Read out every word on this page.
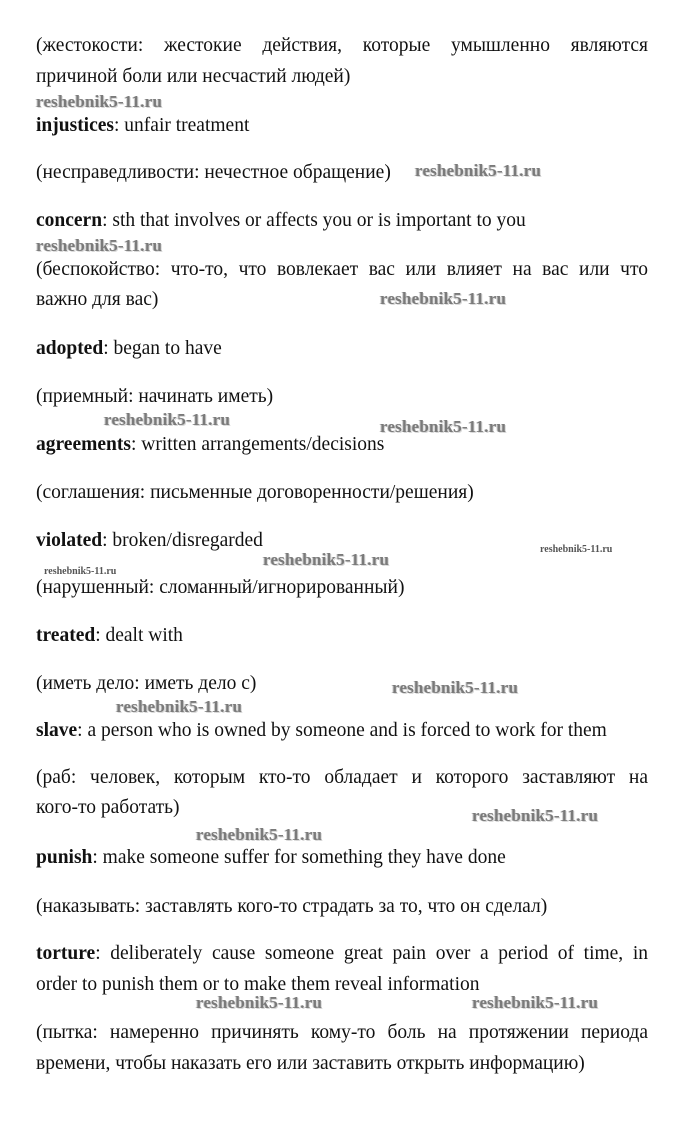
(жестокости: жестокие действия, которые умышленно являются
причиной боли или несчастий людей)
injustices: unfair treatment
(несправедливости: нечестное обращение)
concern: sth that involves or affects you or is important to you
(беспокойство: что-то, что вовлекает вас или влияет на вас или что
важно для вас)
adopted: began to have
(приемный: начинать иметь)
agreements: written arrangements/decisions
(соглашения: письменные договоренности/решения)
violated: broken/disregarded
(нарушенный: сломанный/игнорированный)
treated: dealt with
(иметь дело: иметь дело с)
slave: a person who is owned by someone and is forced to work for them
(раб: человек, которым кто-то обладает и которого заставляют на
кого-то работать)
punish: make someone suffer for something they have done
(наказывать: заставлять кого-то страдать за то, что он сделал)
torture: deliberately cause someone great pain over a period of time, in
order to punish them or to make them reveal information
(пытка: намеренно причинять кому-то боль на протяжении периода
времени, чтобы наказать его или заставить открыть информацию)
reshebnik5-11.ru
reshebnik5-11.ru
reshebnik5-11.ru
reshebnik5-11.ru
reshebnik5-11.ru	reshebnik5-11.ru
reshebnik5-11.ru
reshebnik5-11.ru
reshebnik5-11.ru
reshebnik5-11.ru
reshebnik5-11.ru
reshebnik5-11.ru
reshebnik5-11.ru
reshebnik5-11.ru	reshebnik5-11.ru
